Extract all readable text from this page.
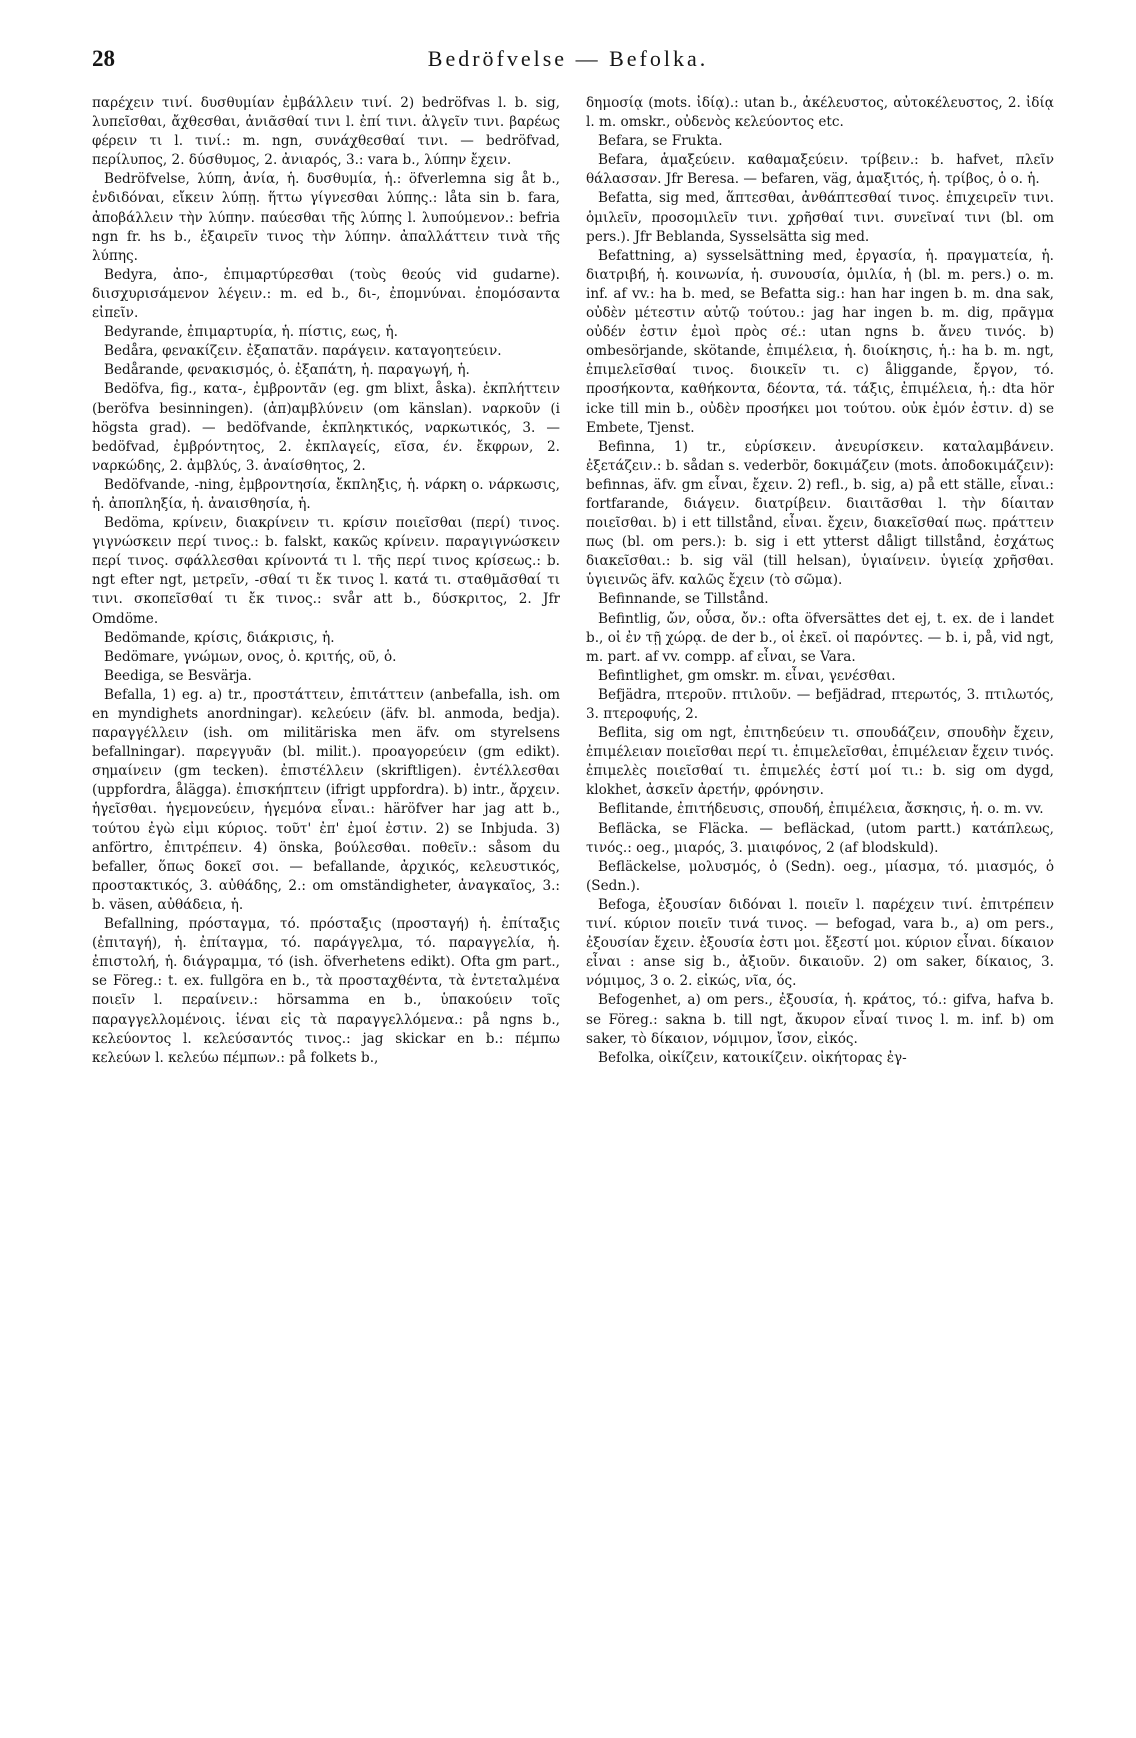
28	Bedröfvelse — Befolka.

παρέχειν τινί. δυσθυμίαν ἐμβάλλειν τινί. 2) bedröfvas l. b. sig, λυπεῖσθαι, ἄχθεσθαι, ἀνιᾶσθαί τινι l. ἐπί τινι. ἀλγεῖν τινι. βαρέως φέρειν τι l. τινί.: m. ngn, συνάχθεσθαί τινι. — bedröfvad, περίλυπος, 2. δύσθυμος, 2. ἀνιαρός, 3.: vara b., λύπην ἔχειν.

Bedröfvelse, λύπη, ἀνία, ἡ. δυσθυμία, ἡ.: öfverlemna sig åt b., ἐνδιδόναι, εἴκειν λύπῃ. ἥττω γίγνεσθαι λύπης.: låta sin b. fara, ἀποβάλλειν τὴν λύπην. παύεσθαι τῆς λύπης l. λυπούμενον.: befria ngn fr. hs b., ἐξαιρεῖν τινος τὴν λύπην. ἀπαλλάττειν τινὰ τῆς λύπης.

Bedyra, ἀπο-, ἐπιμαρτύρεσθαι (τοὺς θεούς vid gudarne). διισχυρισάμενον λέγειν.: m. ed b., δι-, ἐπομνύναι. ἐπομόσαντα εἰπεῖν.

Bedyrande, ἐπιμαρτυρία, ἡ. πίστις, εως, ἡ.

Bedåra, φενακίζειν. ἐξαπατᾶν. παράγειν. καταγοητεύειν.

Bedårande, φενακισμός, ὁ. ἐξαπάτη, ἡ. παραγωγή, ἡ.

Bedöfva, fig., κατα-, ἐμβροντᾶν (eg. gm blixt, åska). ἐκπλήττειν (beröfva besinningen). (ἀπ)αμβλύνειν (om känslan). ναρκοῦν (i högsta grad). — bedöfvande, ἐκπληκτικός, ναρκωτικός, 3. — bedöfvad, ἐμβρόντητος, 2. ἐκπλαγείς, εῖσα, έν. ἔκφρων, 2. ναρκώδης, 2. ἀμβλύς, 3. ἀναίσθητος, 2.

Bedöfvande, -ning, ἐμβροντησία, ἔκπληξις, ἡ. νάρκη o. νάρκωσις, ἡ. ἀποπληξία, ἡ. ἀναισθησία, ἡ.

Bedöma, κρίνειν, διακρίνειν τι. κρίσιν ποιεῖσθαι (περί) τινος. γιγνώσκειν περί τινος.: b. falskt, κακῶς κρίνειν. παραγιγνώσκειν περί τινος. σφάλλεσθαι κρίνοντά τι l. τῆς περί τινος κρίσεως.: b. ngt efter ngt, μετρεῖν, -σθαί τι ἔκ τινος l. κατά τι. σταθμᾶσθαί τι τινι. σκοπεῖσθαί τι ἔκ τινος.: svår att b., δύσκριτος, 2. Jfr Omdöme.

Bedömande, κρίσις, διάκρισις, ἡ.

Bedömare, γνώμων, ονος, ὁ. κριτής, οῦ, ὁ.

Beediga, se Besvärja.

Befalla, 1) eg. a) tr., προστάττειν, ἐπιτάττειν (anbefalla, ish. om en myndighets anordningar). κελεύειν (äfv. bl. anmoda, bedja). παραγγέλλειν (ish. om militäriska men äfv. om styrelsens befallningar). παρεγγυᾶν (bl. milit.). προαγορεύειν (gm edikt). σημαίνειν (gm tecken). ἐπιστέλλειν (skriftligen). ἐντέλλεσθαι (uppfordra, ålägga). ἐπισκήπτειν (ifrigt uppfordra). b) intr., ἄρχειν. ἡγεῖσθαι. ἡγεμονεύειν, ἡγεμόνα εἶναι.: häröfver har jag att b., τούτου ἐγὼ εἰμι κύριος. τοῦτ' ἐπ' ἐμοί ἐστιν. 2) se Inbjuda. 3) anförtro, ἐπιτρέπειν. 4) önska, βούλεσθαι. ποθεῖν.: såsom du befaller, ὅπως δοκεῖ σοι. — befallande, ἀρχικός, κελευστικός, προστακτικός, 3. αὐθάδης, 2.: om omständigheter, ἀναγκαῖος, 3.: b. väsen, αὐθάδεια, ἡ.

Befallning, πρόσταγμα, τό. πρόσταξις (προσταγή) ἡ. ἐπίταξις (ἐπιταγή), ἡ. ἐπίταγμα, τό. παράγγελμα, τό. παραγγελία, ἡ. ἐπιστολή, ἡ. διάγραμμα, τό (ish. öfverhetens edikt). Ofta gm part., se Föreg.: t. ex. fullgöra en b., τὰ προσταχθέντα, τὰ ἐντεταλμένα ποιεῖν l. περαίνειν.: hörsamma en b., ὑπακούειν τοῖς παραγγελλομένοις. ἰέναι εἰς τὰ παραγγελλόμενα.: på ngns b., κελεύοντος l. κελεύσαντός τινος.: jag skickar en b.: πέμπω κελεύων l. κελεύω πέμπων.: på folkets b.,

δημοσίᾳ (mots. ἰδίᾳ).: utan b., ἀκέλευστος, αὐτοκέλευστος, 2. ἰδίᾳ l. m. omskr., οὐδενὸς κελεύοντος etc.

Befara, se Frukta.

Befara, ἁμαξεύειν. καθαμαξεύειν. τρίβειν.: b. hafvet, πλεῖν θάλασσαν. Jfr Beresa. — befaren, väg, ἁμαξιτός, ἡ. τρίβος, ὁ o. ἡ.

Befatta, sig med, ἅπτεσθαι, ἀνθάπτεσθαί τινος. ἐπιχειρεῖν τινι. ὁμιλεῖν, προσομιλεῖν τινι. χρῆσθαί τινι. συνεῖναί τινι (bl. om pers.). Jfr Beblanda, Sysselsätta sig med.

Befattning, a) sysselsättning med, ἐργασία, ἡ. πραγματεία, ἡ. διατριβή, ἡ. κοινωνία, ἡ. συνουσία, ὁμιλία, ἡ (bl. m. pers.) o. m. inf. af vv.: ha b. med, se Befatta sig.: han har ingen b. m. dna sak, οὐδὲν μέτεστιν αὐτῷ τούτου.: jag har ingen b. m. dig, πρᾶγμα οὐδέν ἐστιν ἐμοὶ πρὸς σέ.: utan ngns b. ἄνευ τινός. b) ombesörjande, skötande, ἐπιμέλεια, ἡ. διοίκησις, ἡ.: ha b. m. ngt, ἐπιμελεῖσθαί τινος. διοικεῖν τι. c) åliggande, ἔργον, τό. προσήκοντα, καθήκοντα, δέοντα, τά. τάξις, ἐπιμέλεια, ἡ.: dta hör icke till min b., οὐδὲν προσήκει μοι τούτου. οὐκ ἐμόν ἐστιν. d) se Embete, Tjenst.

Befinna, 1) tr., εὑρίσκειν. ἀνευρίσκειν. καταλαμβάνειν. ἐξετάζειν.: b. sådan s. vederbör, δοκιμάζειν (mots. ἀποδοκιμάζειν): befinnas, äfv. gm εἶναι, ἔχειν. 2) refl., b. sig, a) på ett ställe, εἶναι.: fortfarande, διάγειν. διατρίβειν. διαιτᾶσθαι l. τὴν δίαιταν ποιεῖσθαι. b) i ett tillstånd, εἶναι. ἔχειν, διακεῖσθαί πως. πράττειν πως (bl. om pers.): b. sig i ett ytterst dåligt tillstånd, ἐσχάτως διακεῖσθαι.: b. sig väl (till helsan), ὑγιαίνειν. ὑγιείᾳ χρῆσθαι. ὑγιεινῶς äfv. καλῶς ἔχειν (τὸ σῶμα).

Befinnande, se Tillstånd.

Befintlig, ὤν, οὖσα, ὄν.: ofta öfversättes det ej, t. ex. de i landet b., οἱ ἐν τῇ χώρᾳ. de der b., οἱ ἐκεῖ. οἱ παρόντες. — b. i, på, vid ngt, m. part. af vv. compp. af εἶναι, se Vara.

Befintlighet, gm omskr. m. εἶναι, γενέσθαι.

Befjädra, πτεροῦν. πτιλοῦν. — befjädrad, πτερωτός, 3. πτιλωτός, 3. πτεροφυής, 2.

Beflita, sig om ngt, ἐπιτηδεύειν τι. σπουδάζειν, σπουδὴν ἔχειν, ἐπιμέλειαν ποιεῖσθαι περί τι. ἐπιμελεῖσθαι, ἐπιμέλειαν ἔχειν τινός. ἐπιμελὲς ποιεῖσθαί τι. ἐπιμελές ἐστί μοί τι.: b. sig om dygd, klokhet, ἀσκεῖν ἀρετήν, φρόνησιν.

Beflitande, ἐπιτήδευσις, σπουδή, ἐπιμέλεια, ἄσκησις, ἡ. o. m. vv.

Befläcka, se Fläcka. — befläckad, (utom partt.) κατάπλεως, τινός.: oeg., μιαρός, 3. μιαιφόνος, 2 (af blodskuld).

Befläckelse, μολυσμός, ὁ (Sedn). oeg., μίασμα, τό. μιασμός, ὁ (Sedn.).

Befoga, ἐξουσίαν διδόναι l. ποιεῖν l. παρέχειν τινί. ἐπιτρέπειν τινί. κύριον ποιεῖν τινά τινος. — befogad, vara b., a) om pers., ἐξουσίαν ἔχειν. ἐξουσία ἐστι μοι. ἔξεστί μοι. κύριον εἶναι. δίκαιον εἶναι : anse sig b., ἀξιοῦν. δικαιοῦν. 2) om saker, δίκαιος, 3. νόμιμος, 3 o. 2. εἰκώς, νῖα, ός.

Befogenhet, a) om pers., ἐξουσία, ἡ. κράτος, τό.: gifva, hafva b. se Föreg.: sakna b. till ngt, ἄκυρον εἶναί τινος l. m. inf. b) om saker, τὸ δίκαιον, νόμιμον, ἴσον, εἰκός.

Befolka, οἰκίζειν, κατοικίζειν. οἰκήτορας ἐγ-
